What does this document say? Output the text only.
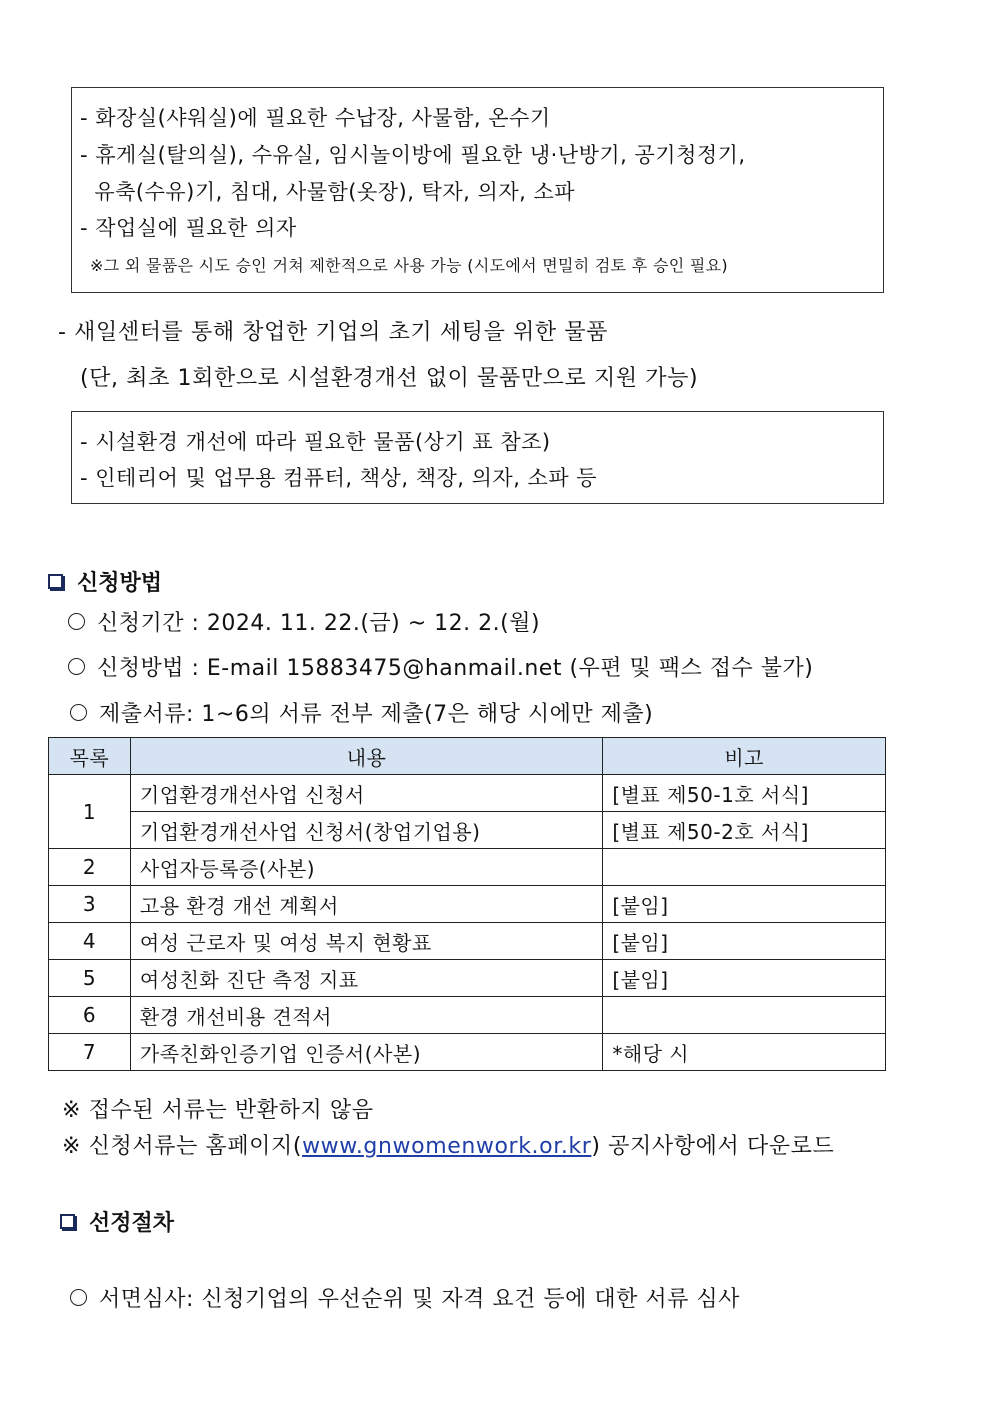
- 화장실(샤워실)에 필요한 수납장, 사물함, 온수기
- 휴게실(탈의실), 수유실, 임시놀이방에 필요한 냉·난방기, 공기청정기,
유축(수유)기, 침대, 사물함(옷장), 탁자, 의자, 소파
- 작업실에 필요한 의자
※그 외 물품은 시도 승인 거쳐 제한적으로 사용 가능 (시도에서 면밀히 검토 후 승인 필요)
- 새일센터를 통해 창업한 기업의 초기 세팅을 위한 물품
(단, 최초 1회한으로 시설환경개선 없이 물품만으로 지원 가능)
- 시설환경 개선에 따라 필요한 물품(상기 표 참조)
- 인테리어 및 업무용 컴퓨터, 책상, 책장, 의자, 소파 등
신청방법
신청기간 : 2024. 11. 22.(금) ~ 12. 2.(월)
신청방법 : E-mail 15883475@hanmail.net (우편 및 팩스 접수 불가)
제출서류: 1~6의 서류 전부 제출(7은 해당 시에만 제출)
목록	내용	비고
1	기업환경개선사업 신청서	[별표 제50-1호 서식]
	기업환경개선사업 신청서(창업기업용)	[별표 제50-2호 서식]
2	사업자등록증(사본)	
3	고용 환경 개선 계획서	[붙임]
4	여성 근로자 및 여성 복지 현황표	[붙임]
5	여성친화 진단 측정 지표	[붙임]
6	환경 개선비용 견적서	
7	가족친화인증기업 인증서(사본)	*해당 시
※ 접수된 서류는 반환하지 않음
※ 신청서류는 홈페이지(www.gnwomenwork.or.kr) 공지사항에서 다운로드
선정절차
서면심사: 신청기업의 우선순위 및 자격 요건 등에 대한 서류 심사
